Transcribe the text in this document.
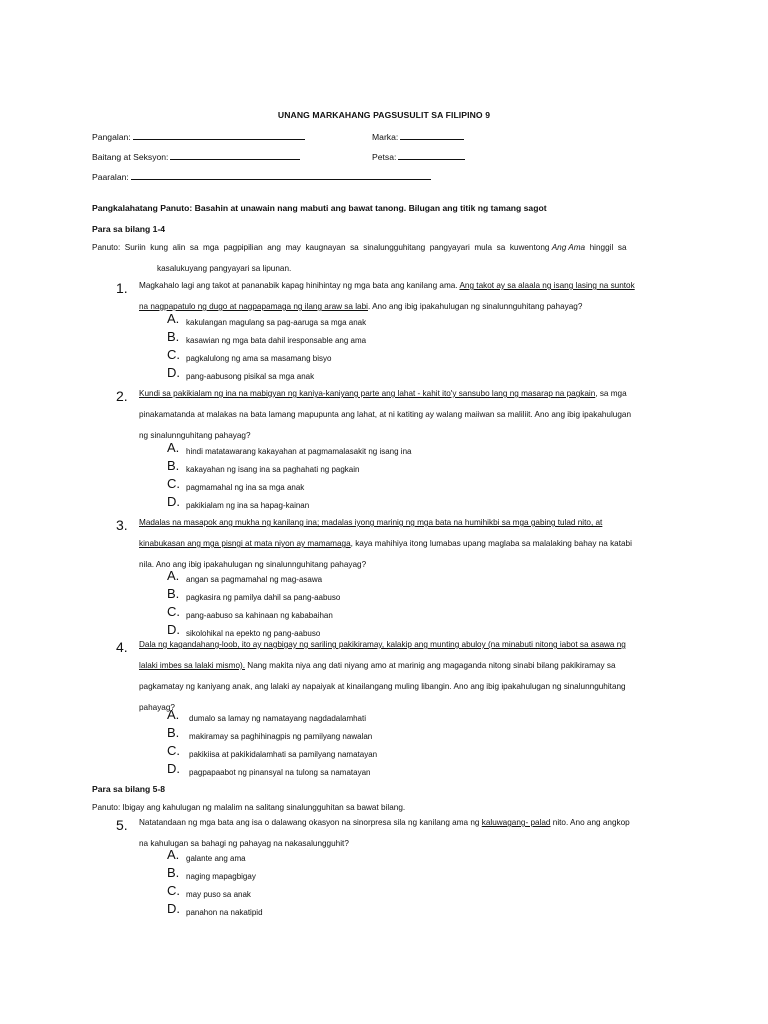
UNANG MARKAHANG PAGSUSULIT SA FILIPINO 9
Pangalan:	Marka:
Baitang at Seksyon:	Petsa:
Paaralan:
Pangkalahatang Panuto: Basahin at unawain nang mabuti ang bawat tanong. Bilugan ang titik ng tamang sagot
Para sa bilang 1-4
Panuto:  Suriin  kung  alin  sa  mga  pagpipilian  ang  may  kaugnayan  sa  sinalungguhitang  pangyayari  mula  sa  kuwentong Ang Ama  hinggil  sa
kasalukuyang pangyayari sa lipunan.
1. Magkahalo lagi ang takot at pananabik kapag hinihintay ng mga bata ang kanilang ama. Ang takot ay sa alaala ng isang lasing na suntok
na nagpapatulo ng dugo at nagpapamaga ng ilang araw sa labi. Ano ang ibig ipakahulugan ng sinalunnguhitang pahayag?
A. kakulangan magulang sa pag-aaruga sa mga anak
B. kasawian ng mga bata dahil iresponsable ang ama
C. pagkalulong ng ama sa masamang bisyo
D. pang-aabusong pisikal sa mga anak
2. Kundi sa pakikialam ng ina na mabigyan ng kaniya-kaniyang parte ang lahat - kahit ito'y sansubo lang ng masarap na pagkain, sa mga
pinakamatanda at malakas na bata lamang mapupunta ang lahat, at ni katiting ay walang maiiwan sa maliliit. Ano ang ibig ipakahulugan
ng sinalunnguhitang pahayag?
A. hindi matatawarang kakayahan at pagmamalasakit ng isang ina
B. kakayahan ng isang ina sa paghahati ng pagkain
C. pagmamahal ng ina sa mga anak
D. pakikialam ng ina sa hapag-kainan
3. Madalas na masapok ang mukha ng kanilang ina; madalas iyong marinig ng mga bata na humihikbi sa mga gabing tulad nito, at
kinabukasan ang mga pisngi at mata niyon ay mamamaga, kaya mahihiya itong lumabas upang maglaba sa malalaking bahay na katabi
nila. Ano ang ibig ipakahulugan ng sinalunnguhitang pahayag?
A. angan sa pagmamahal ng mag-asawa
B. pagkasira ng pamilya dahil sa pang-aabuso
C. pang-aabuso sa kahinaan ng kababaihan
D. sikolohikal na epekto ng pang-aabuso
4. Dala ng kagandahang-loob, ito ay nagbigay ng sariling pakikiramay, kalakip ang munting abuloy (na minabuti nitong iabot sa asawa ng
lalaki imbes sa lalaki mismo). Nang makita niya ang dati niyang amo at marinig ang magaganda nitong sinabi bilang pakikiramay sa
pagkamatay ng kaniyang anak, ang lalaki ay napaiyak at kinailangang muling libangin. Ano ang ibig ipakahulugan ng sinalunnguhitang
pahayag?
A. dumalo sa lamay ng namatayang nagdadalamhati
B. makiramay sa paghihinagpis ng pamilyang nawalan
C. pakikiisa at pakikidalamhati sa pamilyang namatayan
D. pagpapaabot ng pinansyal na tulong sa namatayan
5. Natatandaan ng mga bata ang isa o dalawang okasyon na sinorpresa sila ng kanilang ama ng kaluwagang- palad nito. Ano ang angkop
na kahulugan sa bahagi ng pahayag na nakasalungguhit?
A. galante ang ama
B. naging mapagbigay
C. may puso sa anak
D. panahon na nakatipid
Para sa bilang 5-8
Panuto: Ibigay ang kahulugan ng malalim na salitang sinalungguhitan sa bawat bilang.
